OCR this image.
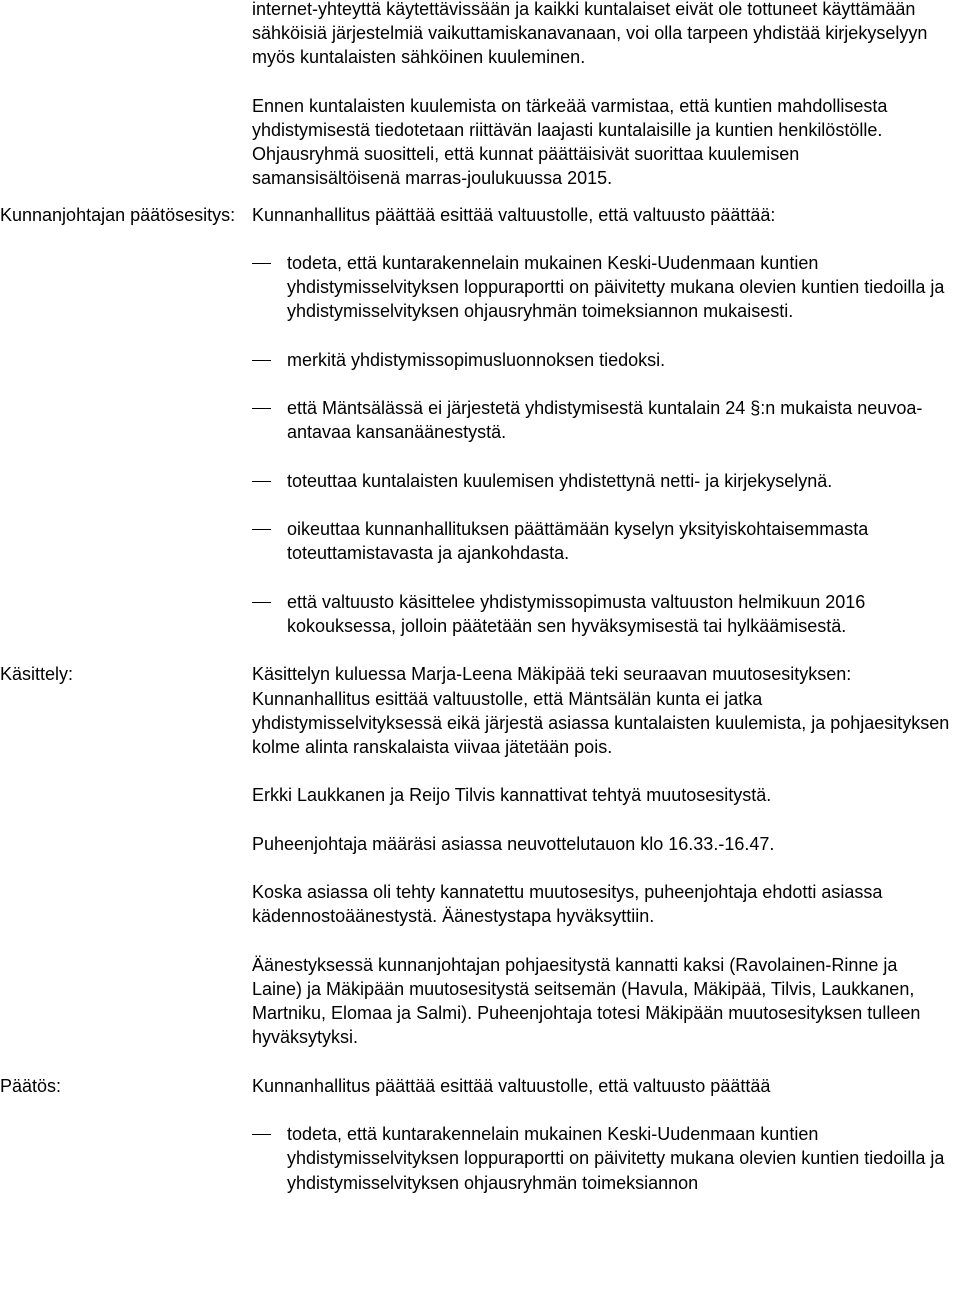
internet-yhteyttä käytettävissään ja kaikki kuntalaiset eivät ole tottuneet käyttämään sähköisiä järjestelmiä vaikuttamiskanavanaan, voi olla tarpeen yhdistää kirjekyselyyn myös kuntalaisten sähköinen kuuleminen.

Ennen kuntalaisten kuulemista on tärkeää varmistaa, että kuntien mahdollisesta yhdistymisestä tiedotetaan riittävän laajasti kuntalaisille ja kuntien henkilöstölle. Ohjausryhmä suositteli, että kunnat päättäisivät suorittaa kuulemisen samansisältöisenä marras-joulukuussa 2015.

Kunnanjohtajan päätösesitys: Kunnanhallitus päättää esittää valtuustolle, että valtuusto päättää:
todeta, että kuntarakennelain mukainen Keski-Uudenmaan kuntien yhdistymisselvityksen loppuraportti on päivitetty mukana olevien kuntien tiedoilla ja yhdistymisselvityksen ohjausryhmän toimeksiannon mukaisesti.
merkitä yhdistymissopimusluonnoksen tiedoksi.
että Mäntsälässä ei järjestetä yhdistymisestä kuntalain 24 §:n mukaista neuvoa-antavaa kansanäänestystä.
toteuttaa kuntalaisten kuulemisen yhdistettynä netti- ja kirjekyselynä.
oikeuttaa kunnanhallituksen päättämään kyselyn yksityiskohtaisemmasta toteuttamistavasta ja ajankohdasta.
että valtuusto käsittelee yhdistymissopimusta valtuuston helmikuun 2016 kokouksessa, jolloin päätetään sen hyväksymisestä tai hylkäämisestä.
Käsittely:	Käsittelyn kuluessa Marja-Leena Mäkipää teki seuraavan muutosesityksen: Kunnanhallitus esittää valtuustolle, että Mäntsälän kunta ei jatka yhdistymisselvityksessä eikä järjestä asiassa kuntalaisten kuulemista, ja pohjaesityksen kolme alinta ranskalaista viivaa jätetään pois.

Erkki Laukkanen ja Reijo Tilvis kannattivat tehtyä muutosesitystä.

Puheenjohtaja määräsi asiassa neuvottelutauon klo 16.33.-16.47.

Koska asiassa oli tehty kannatettu muutosesitys, puheenjohtaja ehdotti asiassa kädennostoäänestystä. Äänestystapa hyväksyttiin.

Äänestyksessä kunnanjohtajan pohjaesitystä kannatti kaksi (Ravolainen-Rinne ja Laine) ja Mäkipään muutosesitystä seitsemän (Havula, Mäkipää, Tilvis, Laukkanen, Martniku, Elomaa ja Salmi). Puheenjohtaja totesi Mäkipään muutosesityksen tulleen hyväksytyksi.

Päätös:	Kunnanhallitus päättää esittää valtuustolle, että valtuusto päättää
todeta, että kuntarakennelain mukainen Keski-Uudenmaan kuntien yhdistymisselvityksen loppuraportti on päivitetty mukana olevien kuntien tiedoilla ja yhdistymisselvityksen ohjausryhmän toimeksiannon
